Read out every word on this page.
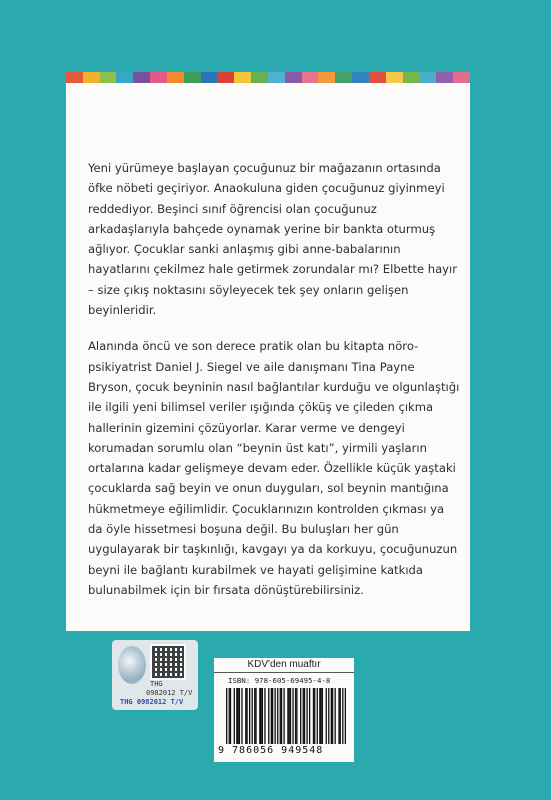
Yeni yürümeye başlayan çocuğunuz bir mağazanın ortasında öfke nöbeti geçiriyor. Anaokuluna giden çocuğunuz giyinmeyi reddediyor. Beşinci sınıf öğrencisi olan çocuğunuz arkadaşlarıyla bahçede oynamak yerine bir bankta oturmuş ağlıyor. Çocuklar sanki anlaşmış gibi anne-babalarının hayatlarını çekilmez hale getirmek zorundalar mı? Elbette hayır – size çıkış noktasını söyleyecek tek şey onların gelişen beyinleridir.

Alanında öncü ve son derece pratik olan bu kitapta nöro-psikiyatrist Daniel J. Siegel ve aile danışmanı Tina Payne Bryson, çocuk beyninin nasıl bağlantılar kurduğu ve olgunlaştığı ile ilgili yeni bilimsel veriler ışığında çöküş ve çileden çıkma hallerinin gizemini çözüyorlar. Karar verme ve dengeyi korumadan sorumlu olan “beynin üst katı”, yirmili yaşların ortalarına kadar gelişmeye devam eder. Özellikle küçük yaştaki çocuklarda sağ beyin ve onun duyguları, sol beynin mantığına hükmetmeye eğilimlidir. Çocuklarınızın kontrolden çıkması ya da öyle hissetmesi boşuna değil. Bu buluşları her gün uygulayarak bir taşkınlığı, kavgayı ya da korkuyu, çocuğunuzun beyni ile bağlantı kurabilmek ve hayati gelişimine katkıda bulunabilmek için bir fırsata dönüştürebilirsiniz.

THG
0982012 T/V
THG 0982012 T/V
KDV'den muaftır
ISBN: 978-605-69495-4-8
9 786056 949548
